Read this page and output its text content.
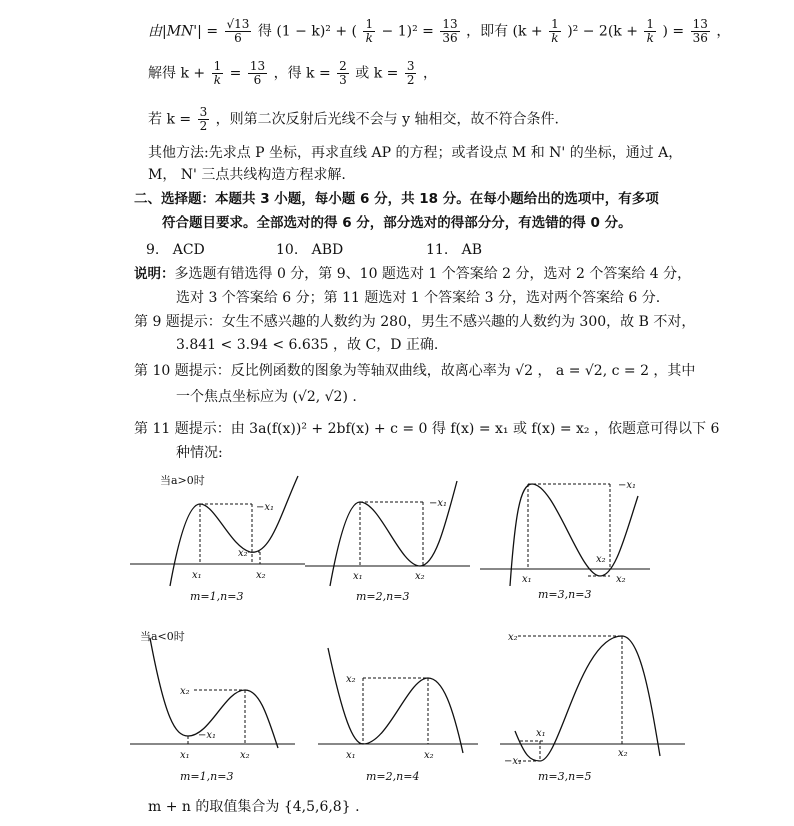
由$|MN'| = \frac{√13}{6}$ 得 (1 − k)² + ( $\frac{1}{k} - 1)^2 = \frac{13}{36}$ ，即有 $(k + \frac{1}{k} )^2 - 2(k + \frac{1}{k}$ ) = $\frac{13}{36}$ ，
解得 $k + \frac{1}{k} = \frac{13}{6}$ ，得 $k = \frac{2}{3}$ 或 $k = \frac{3}{2}$ ，
若 $k = \frac{3}{2}$ ，则第二次反射后光线不会与 y 轴相交，故不符合条件.
其他方法:先求点 P 坐标，再求直线 AP 的方程；或者设点 M 和 N' 的坐标，通过 A，
M， N' 三点共线构造方程求解.
二、选择题：本题共 3 小题，每小题 6 分，共 18 分。在每小题给出的选项中，有多项
符合题目要求。全部选对的得 6 分，部分选对的得部分分，有选错的得 0 分。
9. ACD	10. ABD	11. AB
说明：多选题有错选得 0 分，第 9、10 题选对 1 个答案给 2 分，选对 2 个答案给 4 分，
选对 3 个答案给 6 分；第 11 题选对 1 个答案给 3 分，选对两个答案给 6 分.
第 9 题提示：女生不感兴趣的人数约为 280，男生不感兴趣的人数约为 300，故 B 不对，
3.841 < 3.94 < 6.635 ，故 C，D 正确.
第 10 题提示：反比例函数的图象为等轴双曲线，故离心率为 √2 ， a = √2, c = 2 ，其中
一个焦点坐标应为 (√2, √2) .
第 11 题提示：由 3a(f(x))² + 2bf(x) + c = 0 得 f(x) = x₁ 或 f(x) = x₂ ，依题意可得以下 6
种情况:
当a>0时
当a<0时
x₁	x₂
x₂
−x₁
m=1,n=3
x₁	x₂
−x₁
m=2,n=3
x₁	x₂
x₂
−x₁
m=3,n=3
x₁	x₂
x₂
−x₁
m=1,n=3
x₁	x₂
x₂
m=2,n=4
x₂
x₁
x₂
−x₁
m=3,n=5
m + n 的取值集合为 {4,5,6,8} .
